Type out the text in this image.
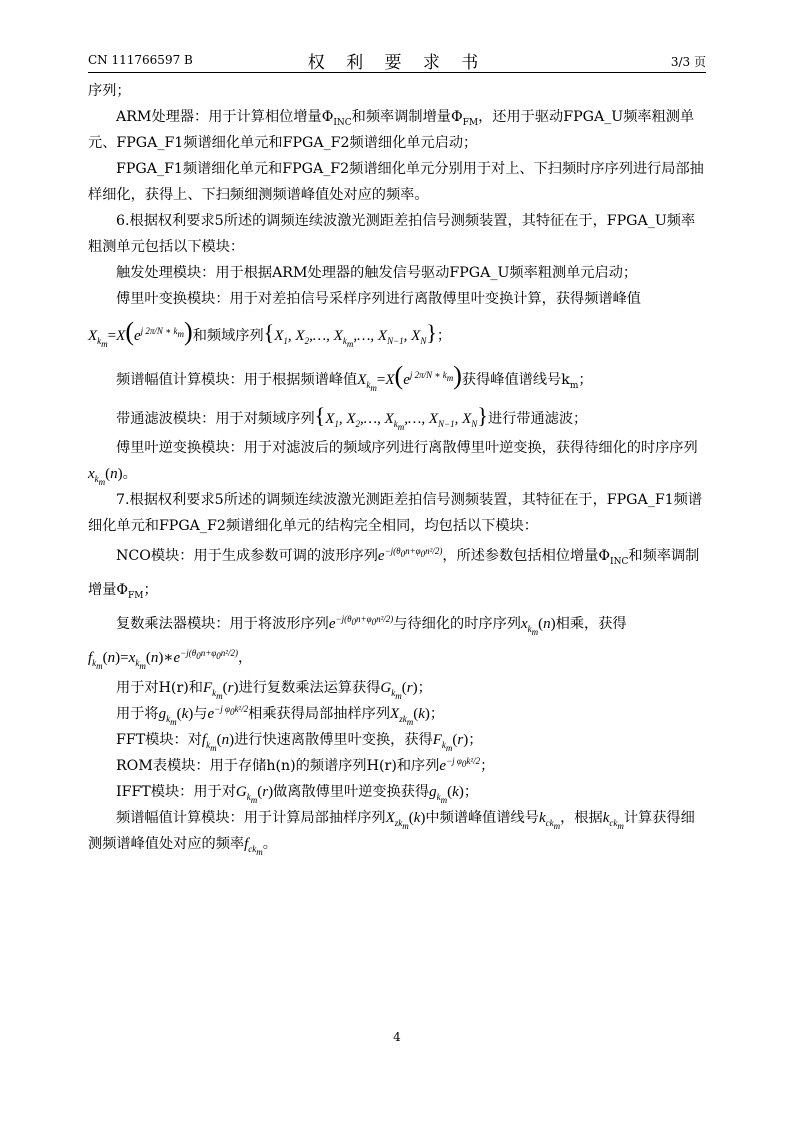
CN 111766597 B	权 利 要 求 书	3/3 页

序列；

ARM处理器：用于计算相位增量$\Phi_{INC}$和频率调制增量$\Phi_{FM}$，还用于驱动FPGA_U频率粗测单元、FPGA_F1频谱细化单元和FPGA_F2频谱细化单元启动；

FPGA_F1频谱细化单元和FPGA_F2频谱细化单元分别用于对上、下扫频时序序列进行局部抽样细化，获得上、下扫频细测频谱峰值处对应的频率。

6.根据权利要求5所述的调频连续波激光测距差拍信号测频装置，其特征在于，FPGA_U频率粗测单元包括以下模块：

触发处理模块：用于根据ARM处理器的触发信号驱动FPGA_U频率粗测单元启动；

傅里叶变换模块：用于对差拍信号采样序列进行离散傅里叶变换计算，获得频谱峰值

$X_{k_m}=X(e^{j 2\pi/N ∗ k_m})$和频域序列{$X_1$, $X_2,\dots$, $X_{k_m},\dots$, $X_{N-1}$, $X_N$}；

频谱幅值计算模块：用于根据频谱峰值$X_{k_m}=X(e^{j 2\pi/N ∗ k_m})$获得峰值谱线号$k_m$；

带通滤波模块：用于对频域序列{$X_1$, $X_2,\dots$, $X_{k_m},\dots$, $X_{N-1}$, $X_N$}进行带通滤波；

傅里叶逆变换模块：用于对滤波后的频域序列进行离散傅里叶逆变换，获得待细化的时序序列$x_{k_m}(n)$。

7.根据权利要求5所述的调频连续波激光测距差拍信号测频装置，其特征在于，FPGA_F1频谱细化单元和FPGA_F2频谱细化单元的结构完全相同，均包括以下模块：

NCO模块：用于生成参数可调的波形序列$e^{-j(\theta_0n+\varphi_0n^2/2)}$，所述参数包括相位增量$\Phi_{INC}$和频率调制增量$\Phi_{FM}$；

复数乘法器模块：用于将波形序列$e^{-j(\theta_0n+\varphi_0n^2/2)}$与待细化的时序序列$x_{k_m}(n)$相乘，获得

$f_{k_m}(n)=x_{k_m}(n)∗e^{-j(\theta_0n+\varphi_0n^2/2)}$，

用于对H(r)和$F_{k_m}(r)$进行复数乘法运算获得$G_{k_m}(r)$；

用于将$g_{k_m}(k)$与$e^{-j \varphi_0k^2/2}$相乘获得局部抽样序列$X_{zk_m}(k)$；

FFT模块：对$f_{k_m}(n)$进行快速离散傅里叶变换，获得$F_{k_m}(r)$；

ROM表模块：用于存储h(n)的频谱序列H(r)和序列$e^{-j \varphi_0k^2/2}$；

IFFT模块：用于对$G_{k_m}(r)$做离散傅里叶逆变换获得$g_{k_m}(k)$；

频谱幅值计算模块：用于计算局部抽样序列$X_{zk_m}(k)$中频谱峰值谱线号$k_{ck_m}$，根据$k_{ck_m}$计算获得细测频谱峰值处对应的频率$f_{ck_m}$。

4
